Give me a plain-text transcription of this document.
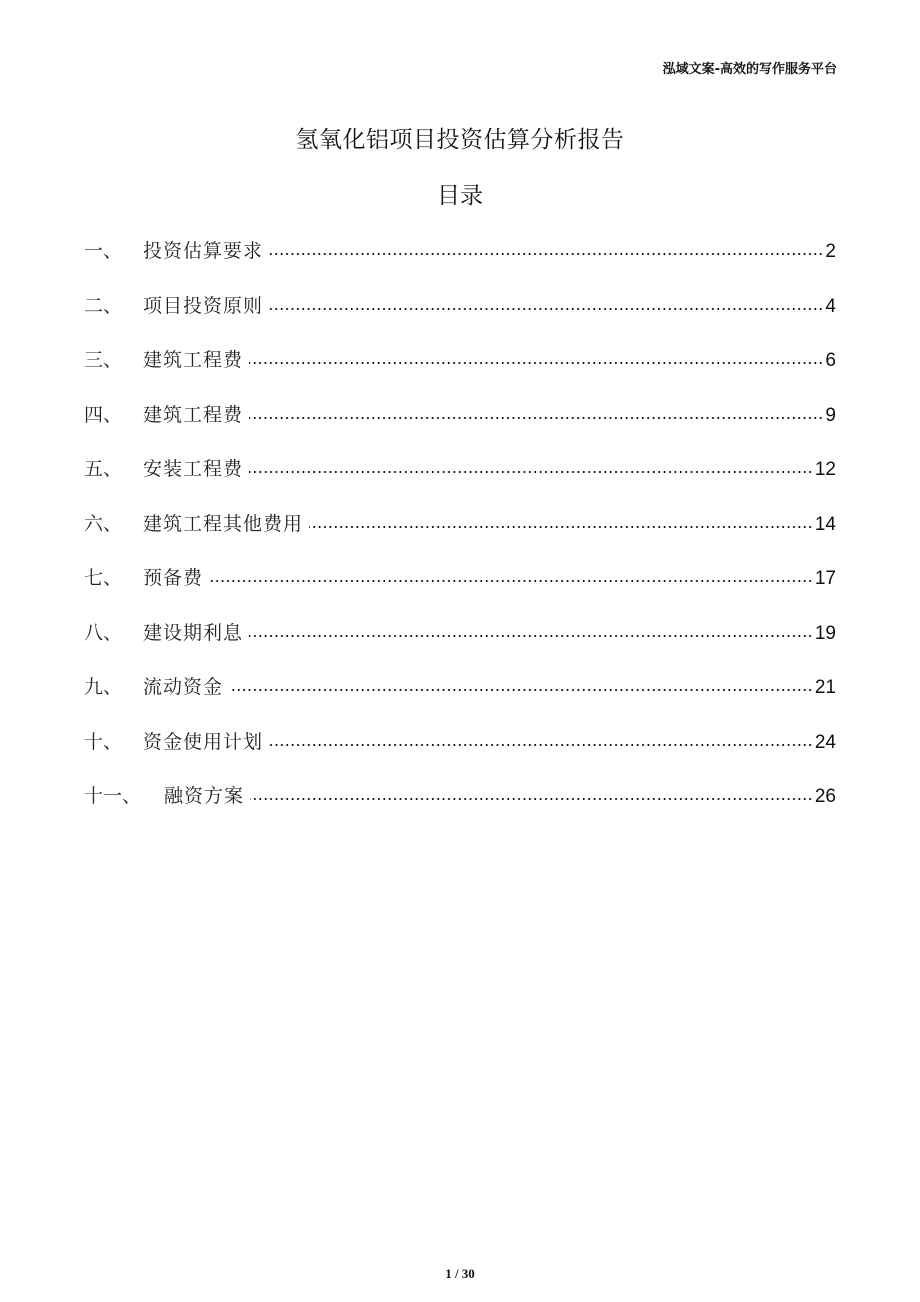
泓域文案-高效的写作服务平台
氢氧化铝项目投资估算分析报告
目录
一、	投资估算要求	2
二、	项目投资原则	4
三、	建筑工程费	6
四、	建筑工程费	9
五、	安装工程费	12
六、	建筑工程其他费用	14
七、	预备费	17
八、	建设期利息	19
九、	流动资金	21
十、	资金使用计划	24
十一、	融资方案	26
1 / 30
